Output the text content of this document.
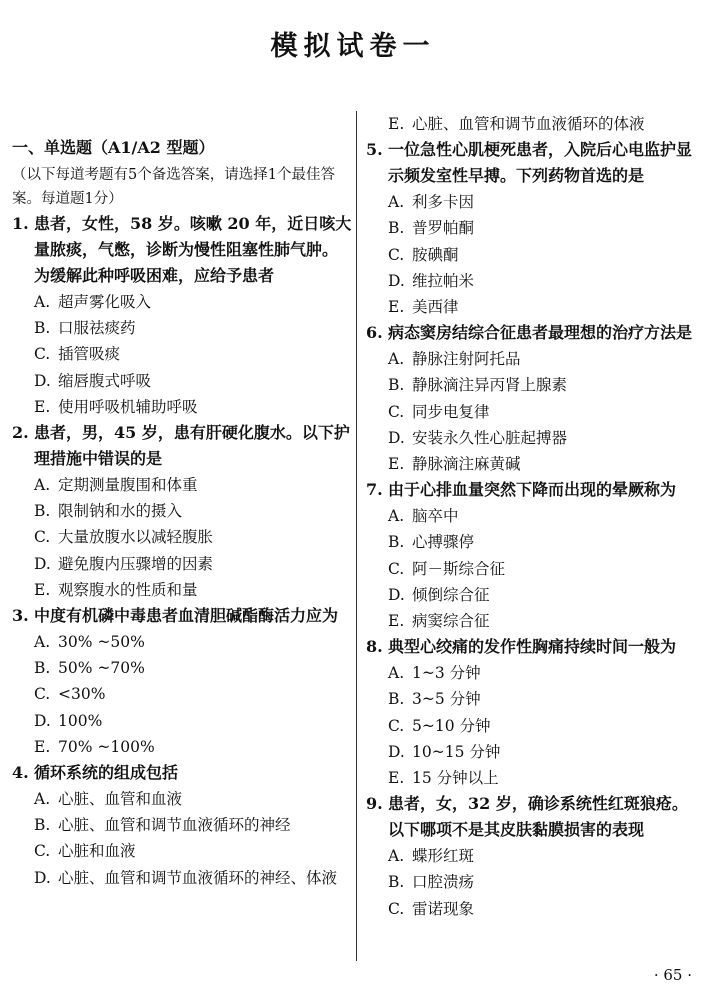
模拟试卷一
一、单选题（A1/A2 型题）
（以下每道考题有5个备选答案，请选择1个最佳答案。每道题1分）
1. 患者，女性，58 岁。咳嗽 20 年，近日咳大量脓痰，气憋，诊断为慢性阻塞性肺气肿。为缓解此种呼吸困难，应给予患者
A. 超声雾化吸入
B. 口服祛痰药
C. 插管吸痰
D. 缩唇腹式呼吸
E. 使用呼吸机辅助呼吸
2. 患者，男，45 岁，患有肝硬化腹水。以下护理措施中错误的是
A. 定期测量腹围和体重
B. 限制钠和水的摄入
C. 大量放腹水以减轻腹胀
D. 避免腹内压骤增的因素
E. 观察腹水的性质和量
3. 中度有机磷中毒患者血清胆碱酯酶活力应为
A. 30% ~50%
B. 50% ~70%
C. <30%
D. 100%
E. 70% ~100%
4. 循环系统的组成包括
A. 心脏、血管和血液
B. 心脏、血管和调节血液循环的神经
C. 心脏和血液
D. 心脏、血管和调节血液循环的神经、体液
E. 心脏、血管和调节血液循环的体液
5. 一位急性心肌梗死患者，入院后心电监护显示频发室性早搏。下列药物首选的是
A. 利多卡因
B. 普罗帕酮
C. 胺碘酮
D. 维拉帕米
E. 美西律
6. 病态窦房结综合征患者最理想的治疗方法是
A. 静脉注射阿托品
B. 静脉滴注异丙肾上腺素
C. 同步电复律
D. 安装永久性心脏起搏器
E. 静脉滴注麻黄碱
7. 由于心排血量突然下降而出现的晕厥称为
A. 脑卒中
B. 心搏骤停
C. 阿－斯综合征
D. 倾倒综合征
E. 病窦综合征
8. 典型心绞痛的发作性胸痛持续时间一般为
A. 1~3 分钟
B. 3~5 分钟
C. 5~10 分钟
D. 10~15 分钟
E. 15 分钟以上
9. 患者，女，32 岁，确诊系统性红斑狼疮。以下哪项不是其皮肤黏膜损害的表现
A. 蝶形红斑
B. 口腔溃疡
C. 雷诺现象
· 65 ·
